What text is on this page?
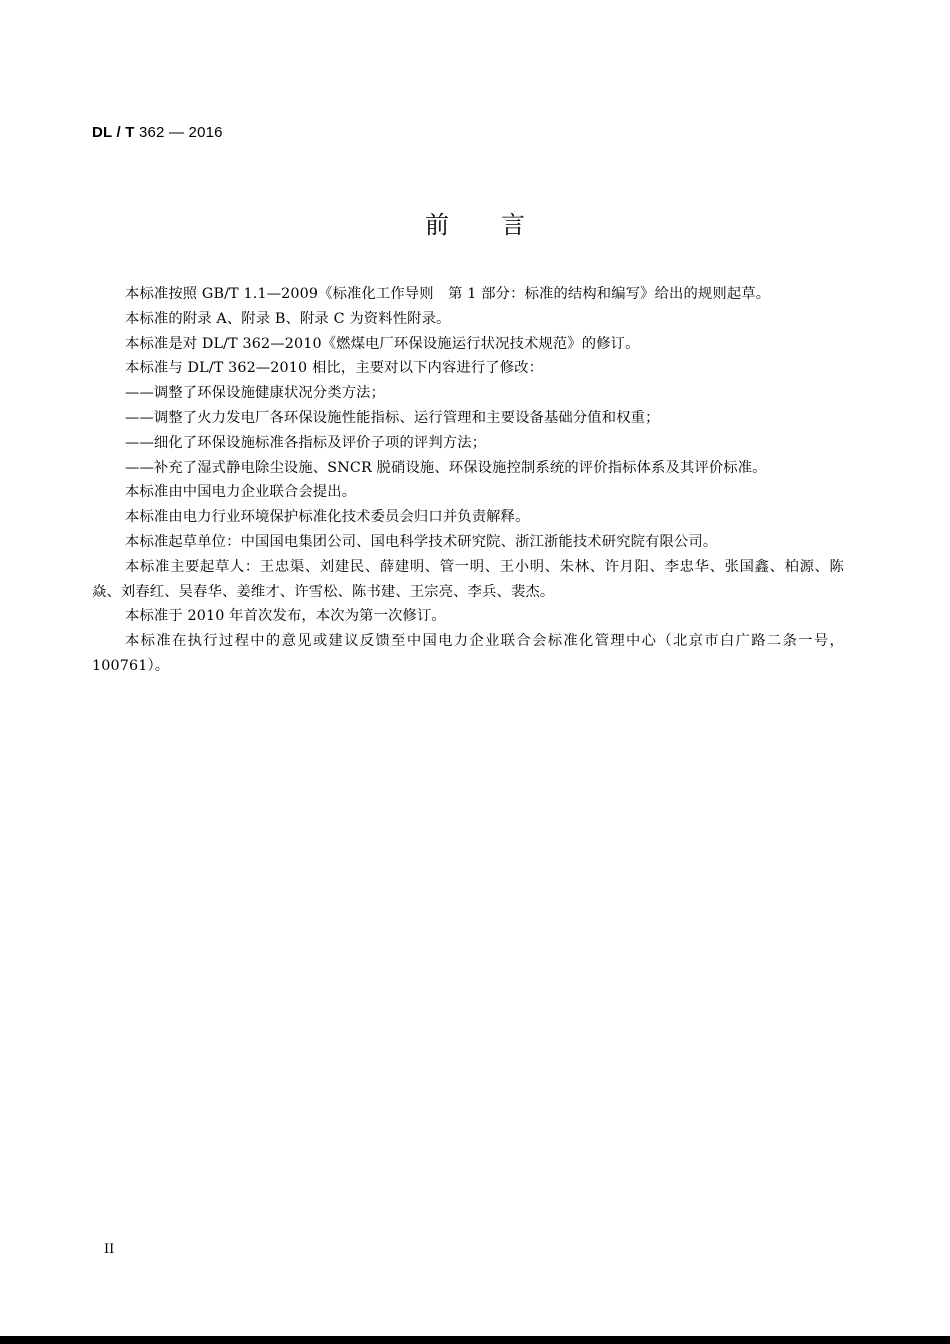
DL / T 362 — 2016
前言

本标准按照 GB/T 1.1—2009《标准化工作导则　第 1 部分：标准的结构和编写》给出的规则起草。

本标准的附录 A、附录 B、附录 C 为资料性附录。

本标准是对 DL/T 362—2010《燃煤电厂环保设施运行状况技术规范》的修订。

本标准与 DL/T 362—2010 相比，主要对以下内容进行了修改：

——调整了环保设施健康状况分类方法；

——调整了火力发电厂各环保设施性能指标、运行管理和主要设备基础分值和权重；

——细化了环保设施标准各指标及评价子项的评判方法；

——补充了湿式静电除尘设施、SNCR 脱硝设施、环保设施控制系统的评价指标体系及其评价标准。

本标准由中国电力企业联合会提出。

本标准由电力行业环境保护标准化技术委员会归口并负责解释。

本标准起草单位：中国国电集团公司、国电科学技术研究院、浙江浙能技术研究院有限公司。

本标准主要起草人：王忠渠、刘建民、薛建明、管一明、王小明、朱林、许月阳、李忠华、张国鑫、柏源、陈焱、刘春红、吴春华、姜维才、许雪松、陈书建、王宗亮、李兵、裴杰。

本标准于 2010 年首次发布，本次为第一次修订。

本标准在执行过程中的意见或建议反馈至中国电力企业联合会标准化管理中心（北京市白广路二条一号，100761）。

II
